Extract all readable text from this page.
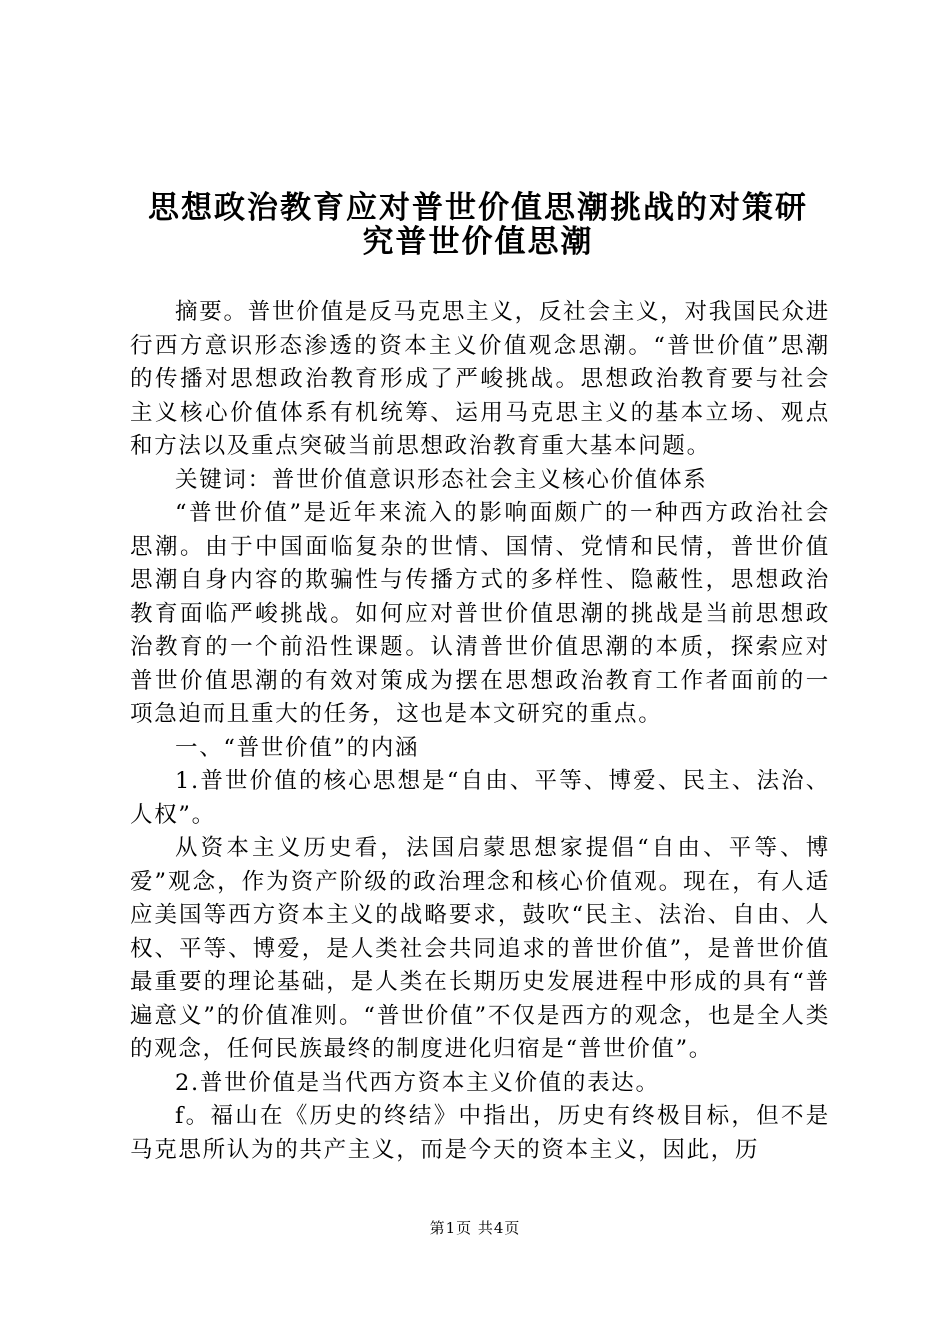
思想政治教育应对普世价值思潮挑战的对策研
究普世价值思潮

摘要。普世价值是反马克思主义，反社会主义，对我国民众进行西方意识形态渗透的资本主义价值观念思潮。“普世价值”思潮的传播对思想政治教育形成了严峻挑战。思想政治教育要与社会主义核心价值体系有机统筹、运用马克思主义的基本立场、观点和方法以及重点突破当前思想政治教育重大基本问题。

关键词：普世价值意识形态社会主义核心价值体系

“普世价值”是近年来流入的影响面颇广的一种西方政治社会思潮。由于中国面临复杂的世情、国情、党情和民情，普世价值思潮自身内容的欺骗性与传播方式的多样性、隐蔽性，思想政治教育面临严峻挑战。如何应对普世价值思潮的挑战是当前思想政治教育的一个前沿性课题。认清普世价值思潮的本质，探索应对普世价值思潮的有效对策成为摆在思想政治教育工作者面前的一项急迫而且重大的任务，这也是本文研究的重点。

一、“普世价值”的内涵

1.普世价值的核心思想是“自由、平等、博爱、民主、法治、人权”。

从资本主义历史看，法国启蒙思想家提倡“自由、平等、博爱”观念，作为资产阶级的政治理念和核心价值观。现在，有人适应美国等西方资本主义的战略要求，鼓吹“民主、法治、自由、人权、平等、博爱，是人类社会共同追求的普世价值”，是普世价值最重要的理论基础，是人类在长期历史发展进程中形成的具有“普遍意义”的价值准则。“普世价值”不仅是西方的观念，也是全人类的观念，任何民族最终的制度进化归宿是“普世价值”。

2.普世价值是当代西方资本主义价值的表达。

f。福山在《历史的终结》中指出，历史有终极目标，但不是马克思所认为的共产主义，而是今天的资本主义，因此，历

第1页 共4页
